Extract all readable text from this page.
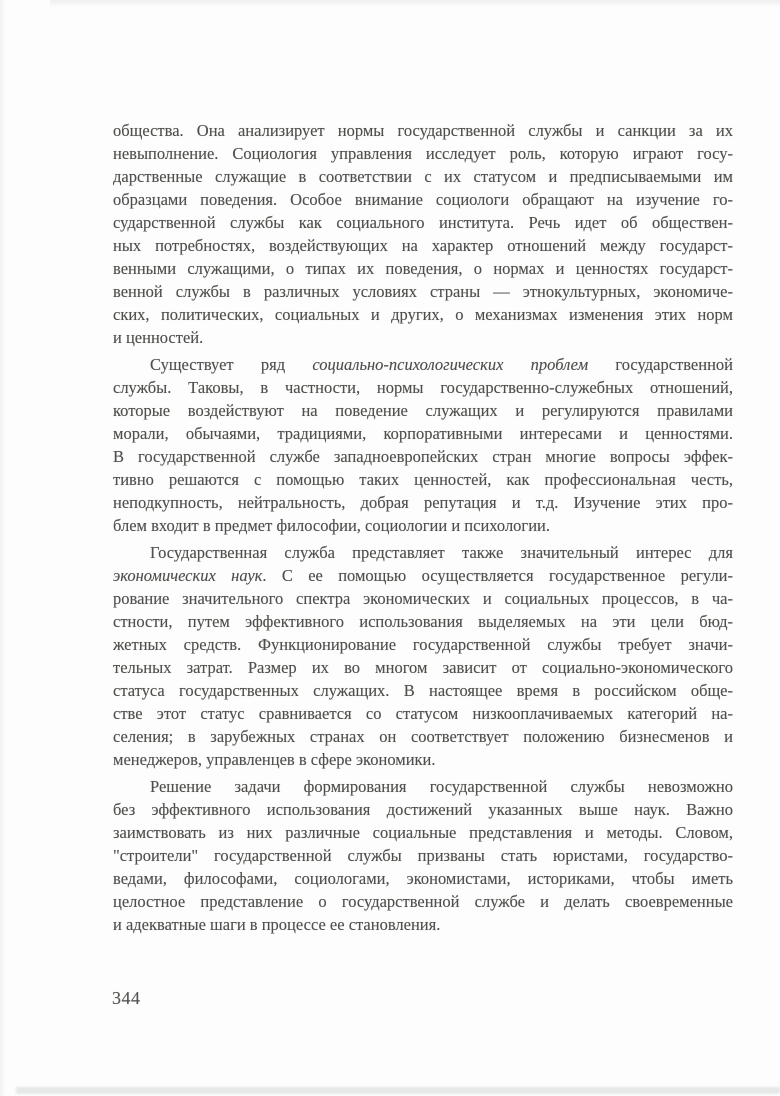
общества. Она анализирует нормы государственной службы и санкции за их
невыполнение. Социология управления исследует роль, которую играют госу-
дарственные служащие в соответствии с их статусом и предписываемыми им
образцами поведения. Особое внимание социологи обращают на изучение го-
сударственной службы как социального института. Речь идет об обществен-
ных потребностях, воздействующих на характер отношений между государст-
венными служащими, о типах их поведения, о нормах и ценностях государст-
венной службы в различных условиях страны — этнокультурных, экономиче-
ских, политических, социальных и других, о механизмах изменения этих норм
и ценностей.
Существует ряд социально-психологических проблем государственной
службы. Таковы, в частности, нормы государственно-служебных отношений,
которые воздействуют на поведение служащих и регулируются правилами
морали, обычаями, традициями, корпоративными интересами и ценностями.
В государственной службе западноевропейских стран многие вопросы эффек-
тивно решаются с помощью таких ценностей, как профессиональная честь,
неподкупность, нейтральность, добрая репутация и т.д. Изучение этих про-
блем входит в предмет философии, социологии и психологии.
Государственная служба представляет также значительный интерес для
экономических наук. С ее помощью осуществляется государственное регули-
рование значительного спектра экономических и социальных процессов, в ча-
стности, путем эффективного использования выделяемых на эти цели бюд-
жетных средств. Функционирование государственной службы требует значи-
тельных затрат. Размер их во многом зависит от социально-экономического
статуса государственных служащих. В настоящее время в российском обще-
стве этот статус сравнивается со статусом низкооплачиваемых категорий на-
селения; в зарубежных странах он соответствует положению бизнесменов и
менеджеров, управленцев в сфере экономики.
Решение задачи формирования государственной службы невозможно
без эффективного использования достижений указанных выше наук. Важно
заимствовать из них различные социальные представления и методы. Словом,
"строители" государственной службы призваны стать юристами, государство-
ведами, философами, социологами, экономистами, историками, чтобы иметь
целостное представление о государственной службе и делать своевременные
и адекватные шаги в процессе ее становления.
344
